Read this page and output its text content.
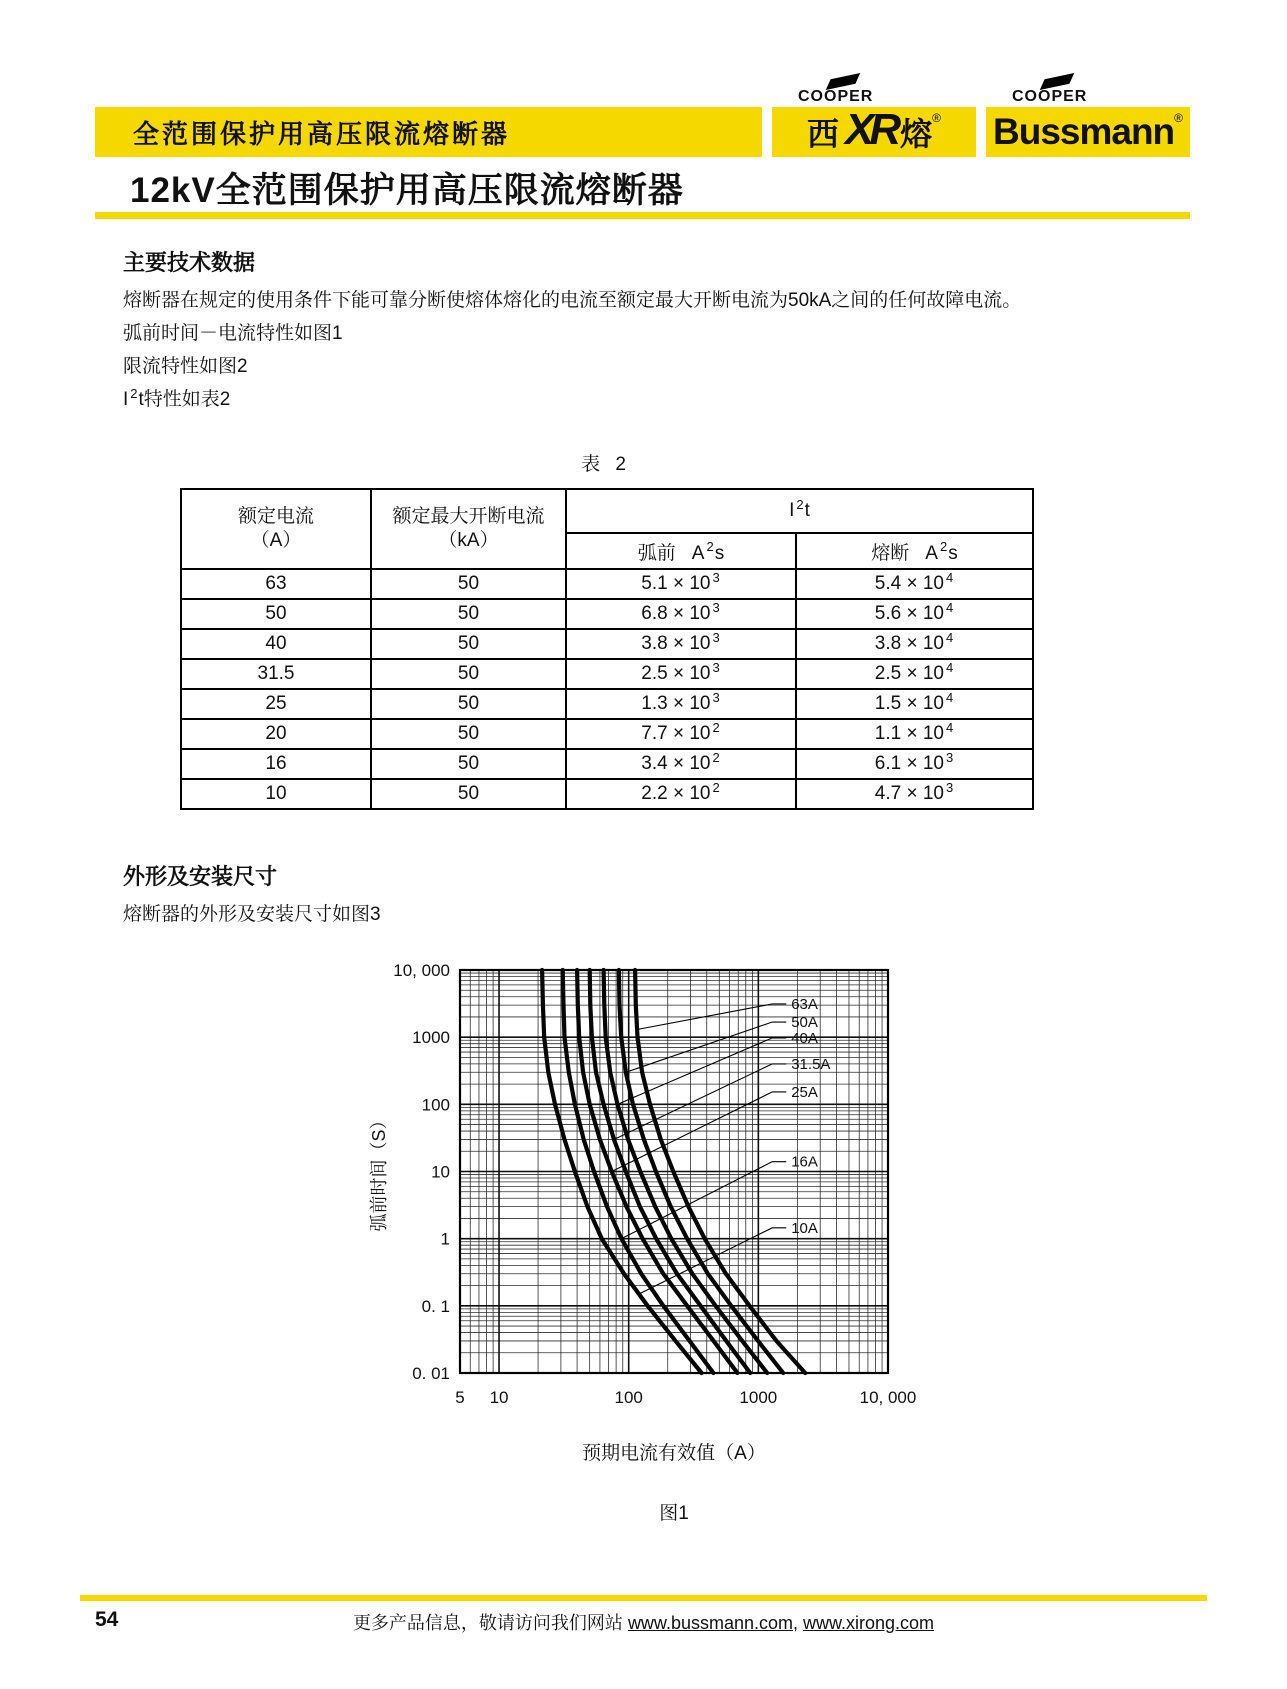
全范围保护用高压限流熔断器
COOPER
西 XR 熔 ®
COOPER
Bussmann ®
12kV全范围保护用高压限流熔断器
主要技术数据

熔断器在规定的使用条件下能可靠分断使熔体熔化的电流至额定最大开断电流为50kA之间的任何故障电流。

弧前时间－电流特性如图1

限流特性如图2

I $^2$t特性如表2

表 2
额定电流
（A）

额定最大开断电流
（kA）
	I $^2$t
		弧前 A $^2$s	熔断 A $^2$s
63	50	5.1 × 10 $^3$	5.4 × 10 $^4$
50	50	6.8 × 10 $^3$	5.6 × 10 $^4$
40	50	3.8 × 10 $^3$	3.8 × 10 $^4$
31.5	50	2.5 × 10 $^3$	2.5 × 10 $^4$
25	50	1.3 × 10 $^3$	1.5 × 10 $^4$
20	50	7.7 × 10 $^2$	1.1 × 10 $^4$
16	50	3.4 × 10 $^2$	6.1 × 10 $^3$
10	50	2.2 × 10 $^2$	4.7 × 10 $^3$
外形及安装尺寸

熔断器的外形及安装尺寸如图3

63A
50A
40A
31.5A
25A
16A
10A
10, 000
1000
100
10
1
0. 1
0. 01
5 10	100	1000	10, 000
弧前时间（S）
预期电流有效值（A）
图1
54	更多产品信息，敬请访问我们网站 www.bussmann.com, www.xirong.com
